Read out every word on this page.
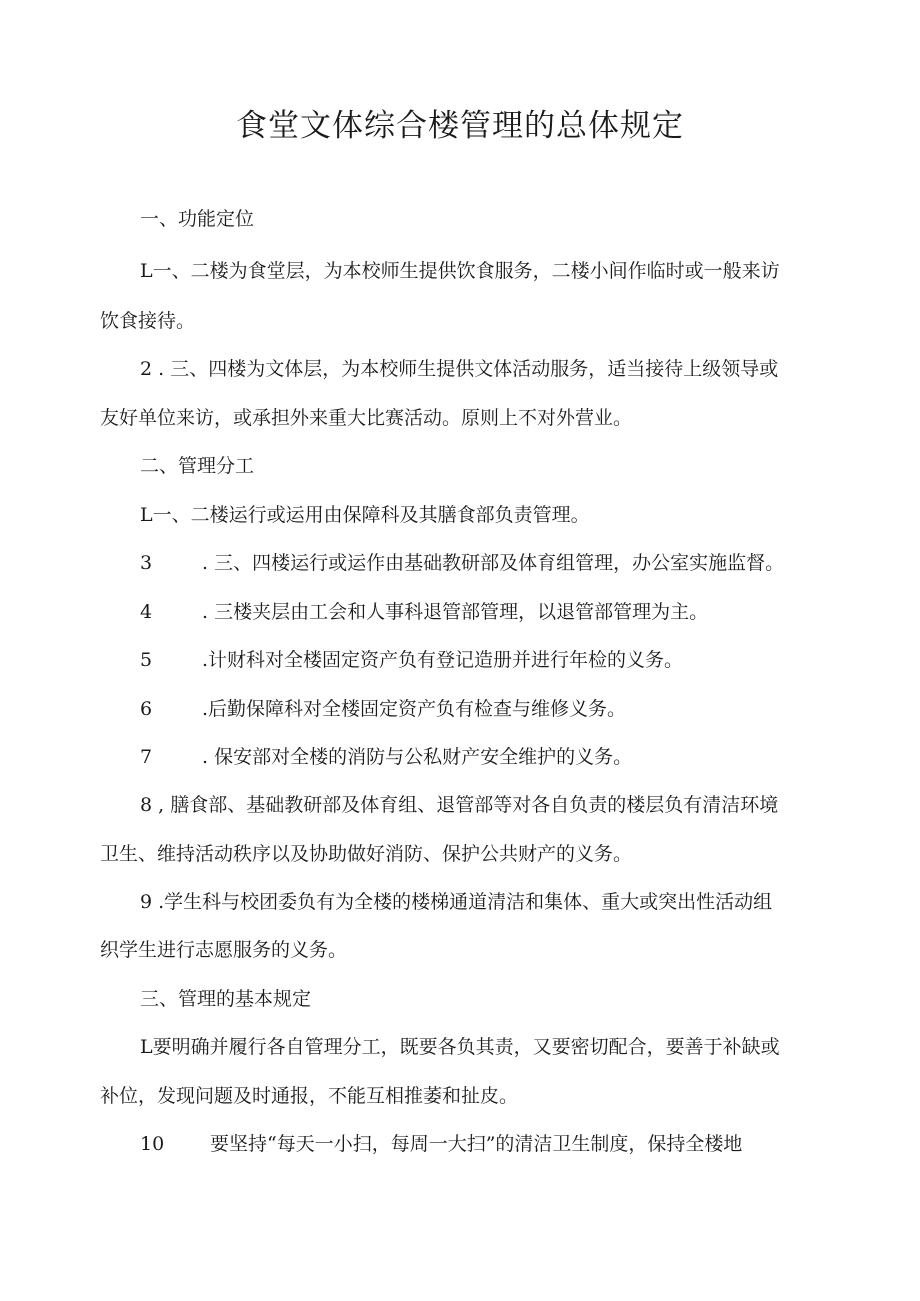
食堂文体综合楼管理的总体规定
一、功能定位
L一、二楼为食堂层，为本校师生提供饮食服务，二楼小间作临时或一般来访
饮食接待。
2 . 三、四楼为文体层，为本校师生提供文体活动服务，适当接待上级领导或
友好单位来访，或承担外来重大比赛活动。原则上不对外营业。
二、管理分工
L一、二楼运行或运用由保障科及其膳食部负责管理。
3	. 三、四楼运行或运作由基础教研部及体育组管理，办公室实施监督。
4	. 三楼夹层由工会和人事科退管部管理，以退管部管理为主。
5	.计财科对全楼固定资产负有登记造册并进行年检的义务。
6	.后勤保障科对全楼固定资产负有检查与维修义务。
7	. 保安部对全楼的消防与公私财产安全维护的义务。
8 , 膳食部、基础教研部及体育组、退管部等对各自负责的楼层负有清洁环境
卫生、维持活动秩序以及协助做好消防、保护公共财产的义务。
9 .学生科与校团委负有为全楼的楼梯通道清洁和集体、重大或突出性活动组
织学生进行志愿服务的义务。
三、管理的基本规定
L要明确并履行各自管理分工，既要各负其责，又要密切配合，要善于补缺或
补位，发现问题及时通报，不能互相推萎和扯皮。
10 要坚持“每天一小扫，每周一大扫”的清洁卫生制度，保持全楼地
